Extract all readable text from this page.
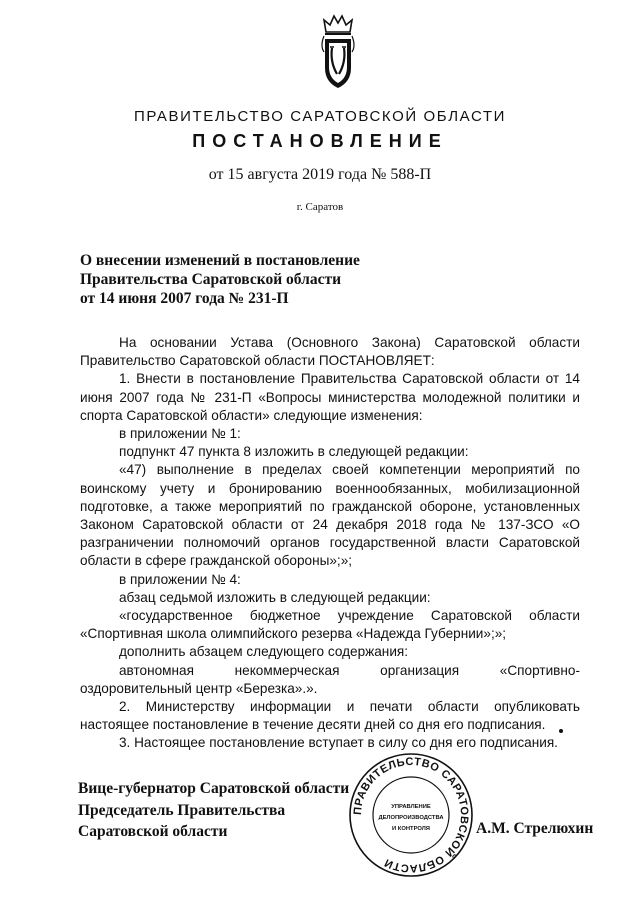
ПРАВИТЕЛЬСТВО САРАТОВСКОЙ ОБЛАСТИ
ПОСТАНОВЛЕНИЕ
от 15 августа 2019 года № 588-П
г. Саратов
О внесении изменений в постановление
Правительства Саратовской области
от 14 июня 2007 года № 231-П

На основании Устава (Основного Закона) Саратовской области Правительство Саратовской области ПОСТАНОВЛЯЕТ:

1. Внести в постановление Правительства Саратовской области от 14 июня 2007 года № 231-П «Вопросы министерства молодежной политики и спорта Саратовской области» следующие изменения:

в приложении № 1:

подпункт 47 пункта 8 изложить в следующей редакции:

«47) выполнение в пределах своей компетенции мероприятий по воинскому учету и бронированию военнообязанных, мобилизационной подготовке, а также мероприятий по гражданской обороне, установленных Законом Саратовской области от 24 декабря 2018 года № 137-ЗСО «О разграничении полномочий органов государственной власти Саратовской области в сфере гражданской обороны»;»;

в приложении № 4:

абзац седьмой изложить в следующей редакции:

«государственное бюджетное учреждение Саратовской области «Спортивная школа олимпийского резерва «Надежда Губернии»;»;

дополнить абзацем следующего содержания:

автономная некоммерческая организация «Спортивно-оздоровительный центр «Березка».».

2. Министерству информации и печати области опубликовать настоящее постановление в течение десяти дней со дня его подписания.

3. Настоящее постановление вступает в силу со дня его подписания.

ПРАВИТЕЛЬСТВО САРАТОВСКОЙ ОБЛАСТИ
УПРАВЛЕНИЕ
ДЕЛОПРОИЗВОДСТВА
И КОНТРОЛЯ
Вице-губернатор Саратовской области
Председатель Правительства
Саратовской области	А.М. Стрелюхин
